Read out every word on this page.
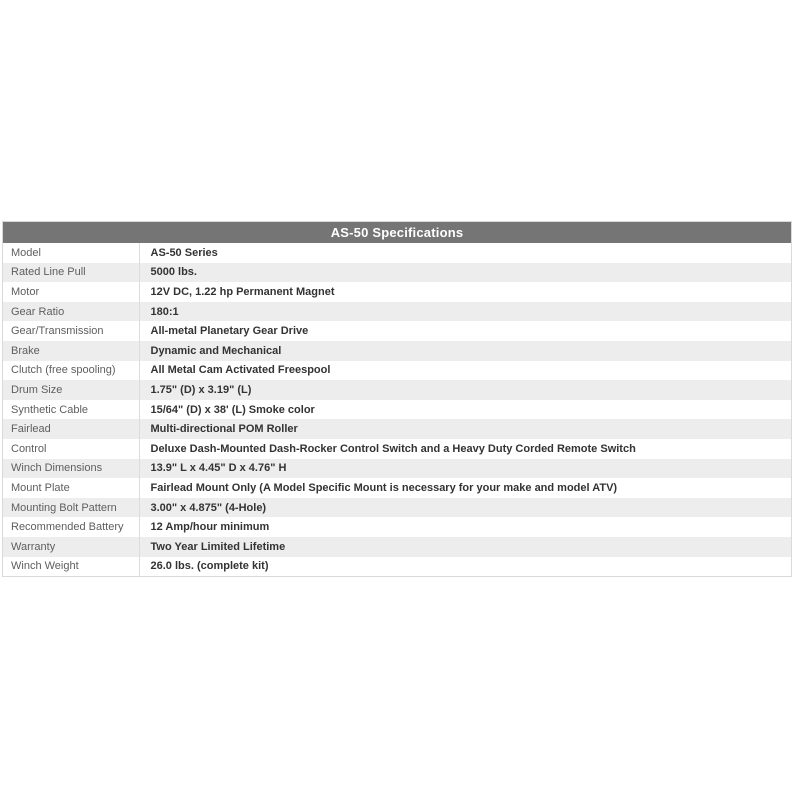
AS-50 Specifications
Model	AS-50 Series
Rated Line Pull	5000 lbs.
Motor	12V DC, 1.22 hp Permanent Magnet
Gear Ratio	180:1
Gear/Transmission	All-metal Planetary Gear Drive
Brake	Dynamic and Mechanical
Clutch (free spooling)	All Metal Cam Activated Freespool
Drum Size	1.75" (D) x 3.19" (L)
Synthetic Cable	15/64" (D) x 38' (L) Smoke color
Fairlead	Multi-directional POM Roller
Control	Deluxe Dash-Mounted Dash-Rocker Control Switch and a Heavy Duty Corded Remote Switch
Winch Dimensions	13.9" L x 4.45" D x 4.76" H
Mount Plate	Fairlead Mount Only (A Model Specific Mount is necessary for your make and model ATV)
Mounting Bolt Pattern	3.00" x 4.875" (4-Hole)
Recommended Battery	12 Amp/hour minimum
Warranty	Two Year Limited Lifetime
Winch Weight	26.0 lbs. (complete kit)
